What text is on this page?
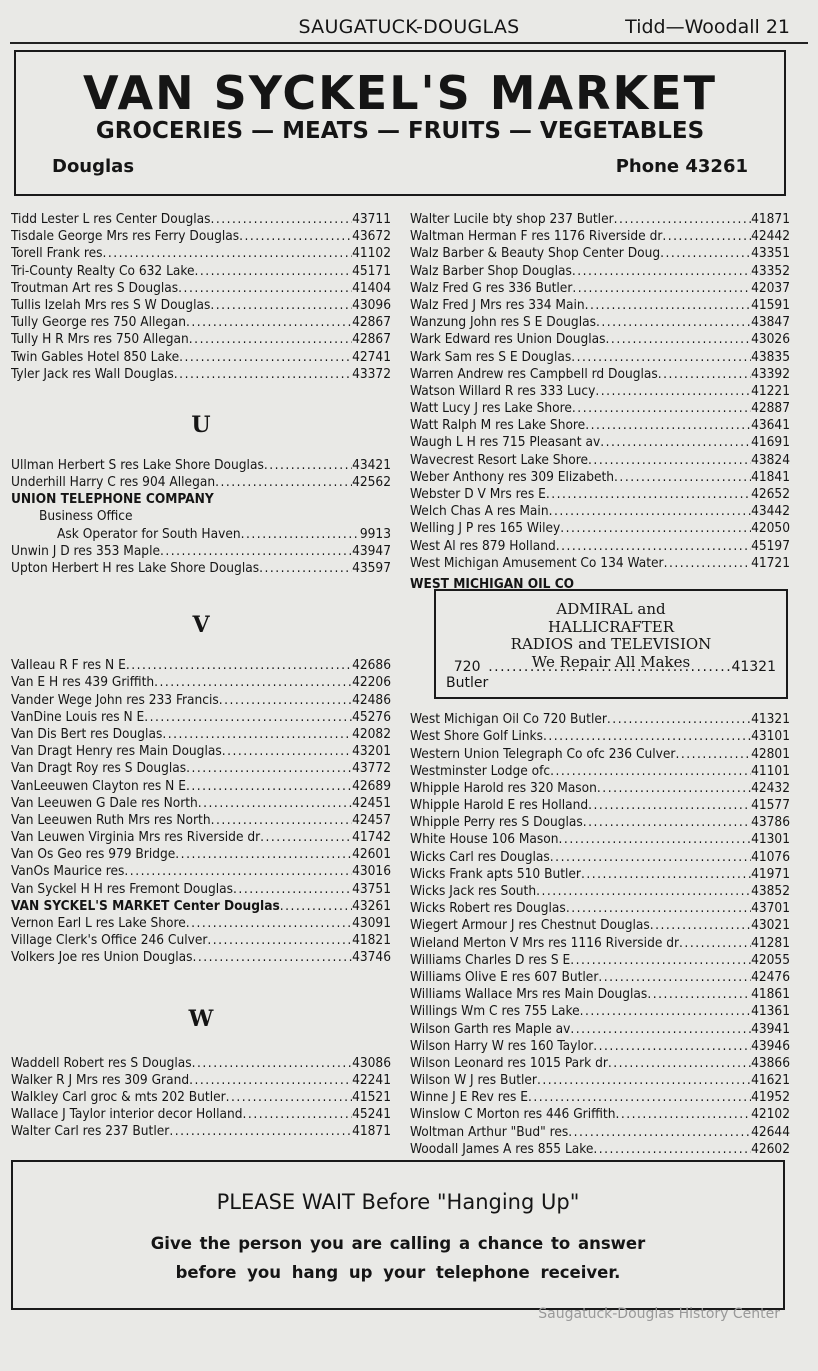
SAUGATUCK-DOUGLAS	Tidd—Woodall 21
VAN SYCKEL'S MARKET
GROCERIES — MEATS — FRUITS — VEGETABLES
Douglas	Phone 43261
Tidd Lester L res Center Douglas .....	43711
Tisdale George Mrs res Ferry Douglas .....	43672
Torell Frank res .....	41102
Tri-County Realty Co 632 Lake .....	45171
Troutman Art res S Douglas .....	41404
Tullis Izelah Mrs res S W Douglas .....	43096
Tully George res 750 Allegan .....	42867
Tully H R Mrs res 750 Allegan .....	42867
Twin Gables Hotel 850 Lake .....	42741
Tyler Jack res Wall Douglas .....	43372
U
Ullman Herbert S res Lake Shore Douglas .....	43421
Underhill Harry C res 904 Allegan .....	42562
UNION TELEPHONE COMPANY
Business Office
Ask Operator for South Haven .....	9913
Unwin J D res 353 Maple .....	43947
Upton Herbert H res Lake Shore Douglas .....	43597
V
Valleau R F res N E .....	42686
Van E H res 439 Griffith .....	42206
Vander Wege John res 233 Francis .....	42486
VanDine Louis res N E .....	45276
Van Dis Bert res Douglas .....	42082
Van Dragt Henry res Main Douglas .....	43201
Van Dragt Roy res S Douglas .....	43772
VanLeeuwen Clayton res N E .....	42689
Van Leeuwen G Dale res North .....	42451
Van Leeuwen Ruth Mrs res North .....	42457
Van Leuwen Virginia Mrs res Riverside dr .....	41742
Van Os Geo res 979 Bridge .....	42601
VanOs Maurice res .....	43016
Van Syckel H H res Fremont Douglas .....	43751
VAN SYCKEL'S MARKET Center Douglas .....	43261
Vernon Earl L res Lake Shore .....	43091
Village Clerk's Office 246 Culver .....	41821
Volkers Joe res Union Douglas .....	43746
W
Waddell Robert res S Douglas .....	43086
Walker R J Mrs res 309 Grand .....	42241
Walkley Carl groc & mts 202 Butler .....	41521
Wallace J Taylor interior decor Holland .....	45241
Walter Carl res 237 Butler .....	41871
Walter Lucile bty shop 237 Butler .....	41871
Waltman Herman F res 1176 Riverside dr .....	42442
Walz Barber & Beauty Shop Center Doug .....	43351
Walz Barber Shop Douglas .....	43352
Walz Fred G res 336 Butler .....	42037
Walz Fred J Mrs res 334 Main .....	41591
Wanzung John res S E Douglas .....	43847
Wark Edward res Union Douglas .....	43026
Wark Sam res S E Douglas .....	43835
Warren Andrew res Campbell rd Douglas .....	43392
Watson Willard R res 333 Lucy .....	41221
Watt Lucy J res Lake Shore .....	42887
Watt Ralph M res Lake Shore .....	43641
Waugh L H res 715 Pleasant av .....	41691
Wavecrest Resort Lake Shore .....	43824
Weber Anthony res 309 Elizabeth .....	41841
Webster D V Mrs res E .....	42652
Welch Chas A res Main .....	43442
Welling J P res 165 Wiley .....	42050
West Al res 879 Holland .....	45197
West Michigan Amusement Co 134 Water .....	41721
WEST MICHIGAN OIL CO
ADMIRAL and
HALLICRAFTER
RADIOS and TELEVISION
We Repair All Makes
720 Butler
.....
41321
West Michigan Oil Co 720 Butler .....	41321
West Shore Golf Links .....	43101
Western Union Telegraph Co ofc 236 Culver .....	42801
Westminster Lodge ofc .....	41101
Whipple Harold res 320 Mason .....	42432
Whipple Harold E res Holland .....	41577
Whipple Perry res S Douglas .....	43786
White House 106 Mason .....	41301
Wicks Carl res Douglas .....	41076
Wicks Frank apts 510 Butler .....	41971
Wicks Jack res South .....	43852
Wicks Robert res Douglas .....	43701
Wiegert Armour J res Chestnut Douglas .....	43021
Wieland Merton V Mrs res 1116 Riverside dr .....	41281
Williams Charles D res S E .....	42055
Williams Olive E res 607 Butler .....	42476
Williams Wallace Mrs res Main Douglas .....	41861
Willings Wm C res 755 Lake .....	41361
Wilson Garth res Maple av .....	43941
Wilson Harry W res 160 Taylor .....	43946
Wilson Leonard res 1015 Park dr .....	43866
Wilson W J res Butler .....	41621
Winne J E Rev res E .....	41952
Winslow C Morton res 446 Griffith .....	42102
Woltman Arthur "Bud" res .....	42644
Woodall James A res 855 Lake .....	42602
PLEASE WAIT Before "Hanging Up"
Give the person you are calling a chance to answer
before you hang up your telephone receiver.
Saugatuck-Douglas History Center
